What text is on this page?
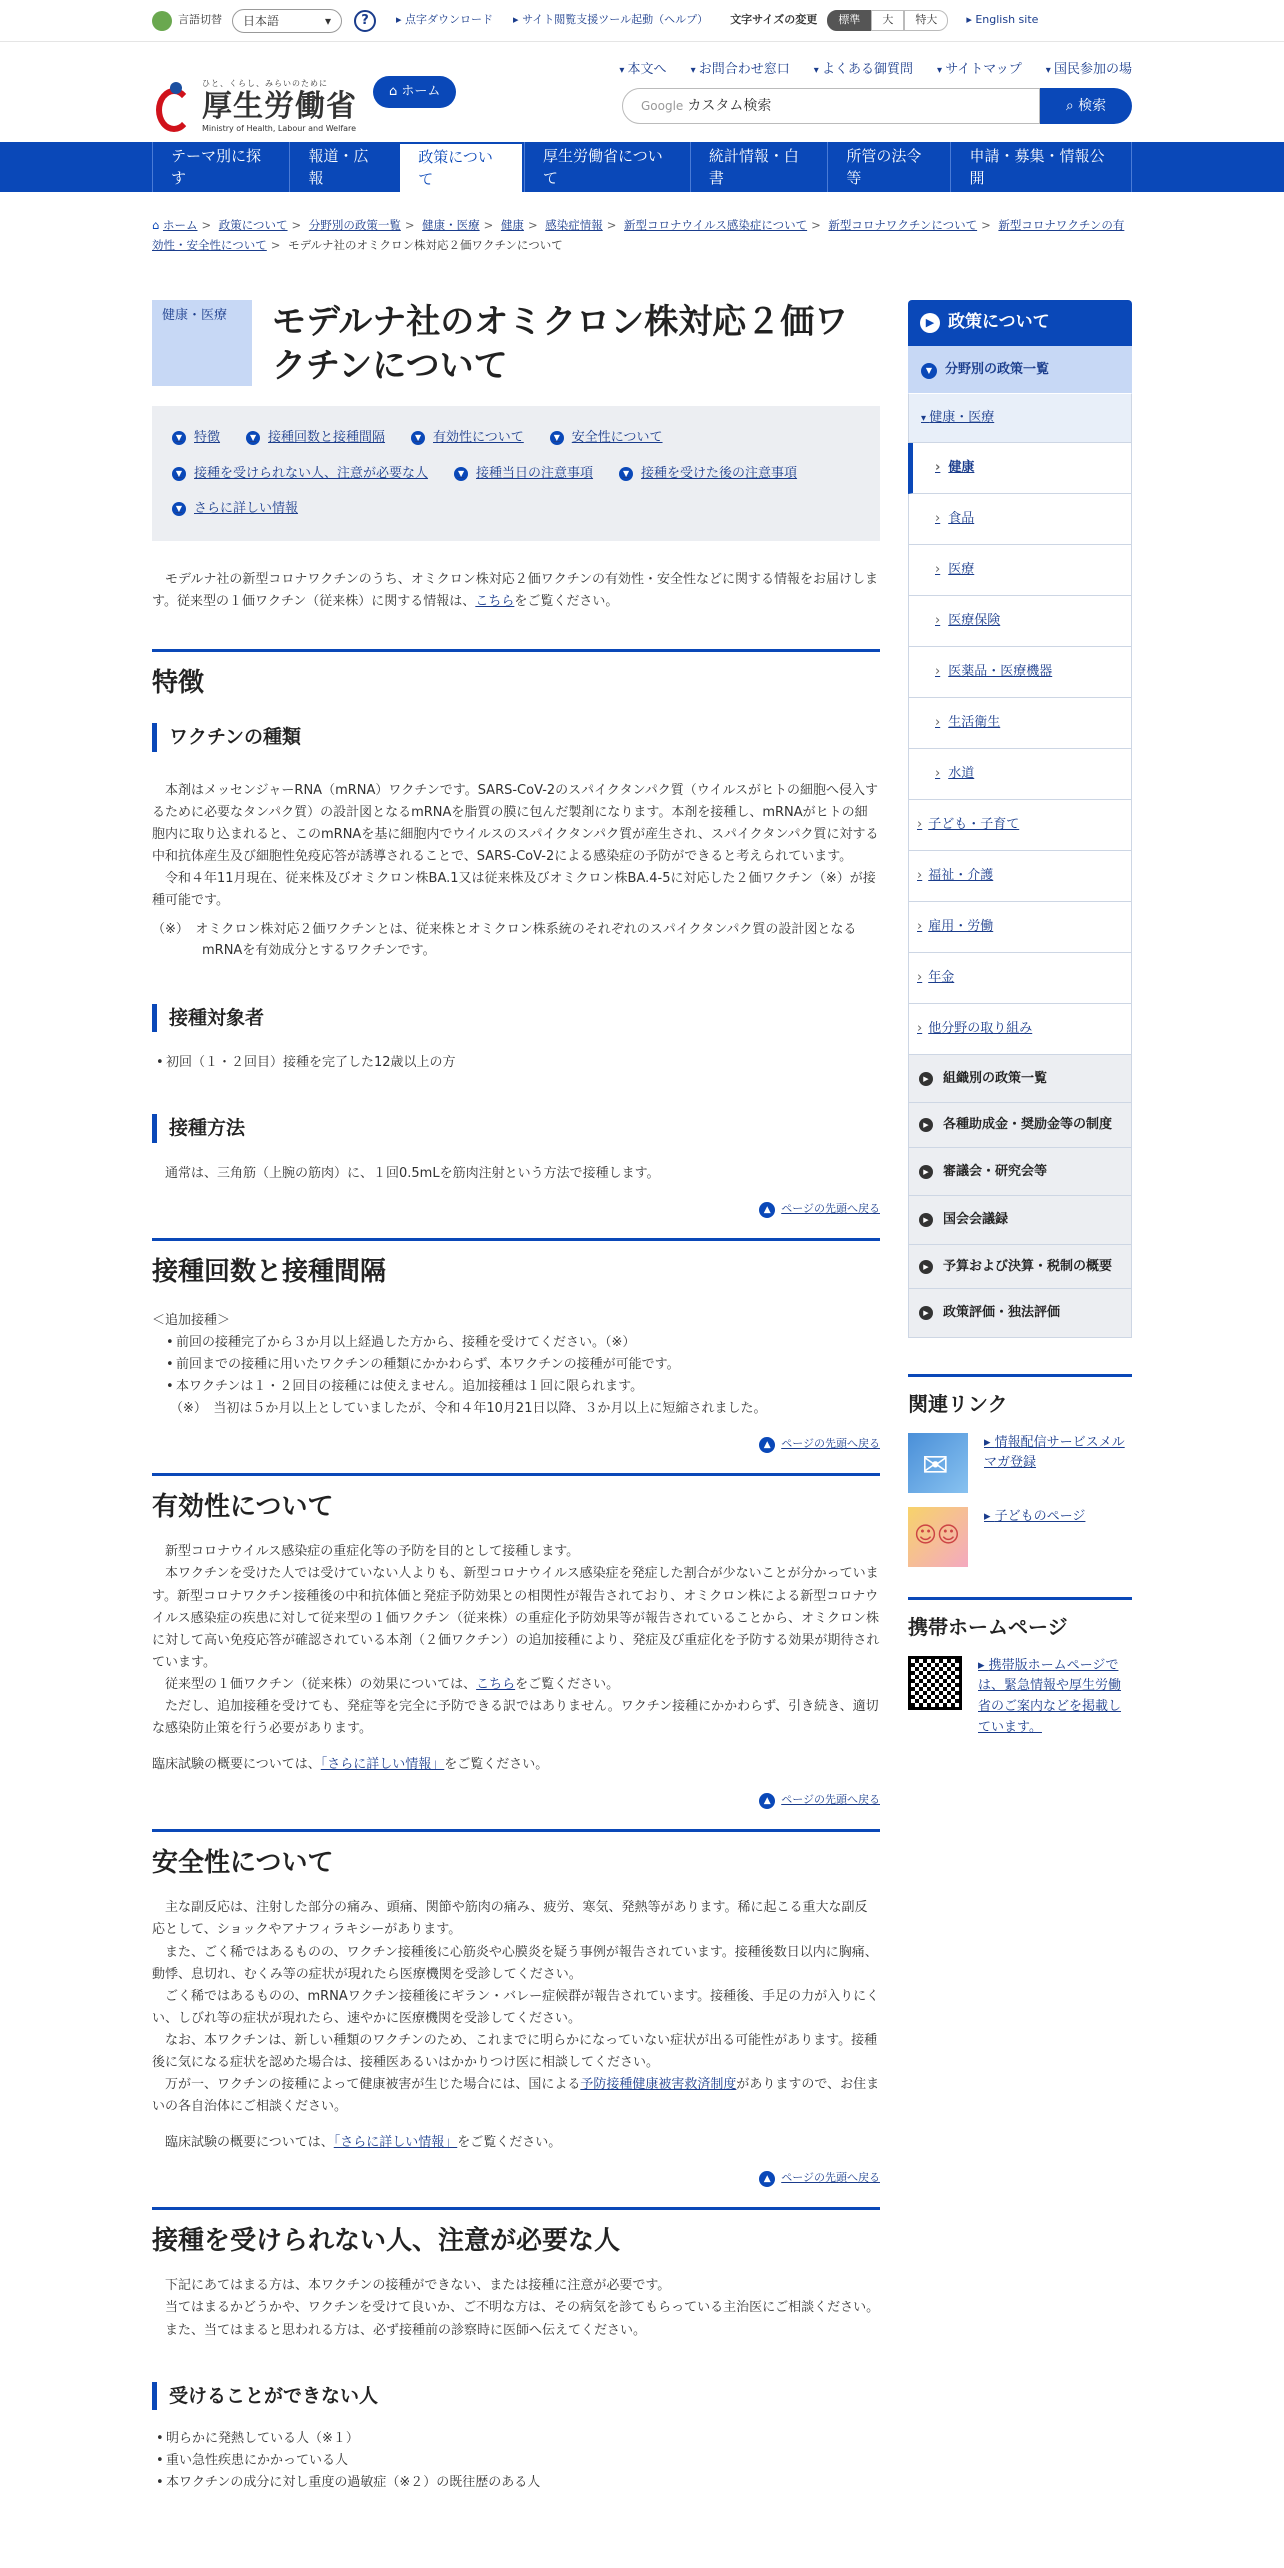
言語切替 日本語	▾	?	▸ 点字ダウンロード	▸ サイト閲覧支援ツール起動（ヘルプ） 文字サイズの変更	標準	大	特大	▸ English site
ひと、くらし、みらいのために
厚生労働省
Ministry of Health, Labour and Welfare
⌂ ホーム
▾ 本文へ	▾ お問合わせ窓口	▾ よくある御質問	▾ サイトマップ	▾ 国民参加の場
Google カスタム検索	⌕ 検索
テーマ別に探す
報道・広報
政策について
厚生労働省について
統計情報・白書
所管の法令等
申請・募集・情報公開
⌂ ホーム > 政策について > 分野別の政策一覧 > 健康・医療 > 健康 > 感染症情報 > 新型コロナウイルス感染症について > 新型コロナワクチンについて > 新型コロナワクチンの有効性・安全性について > モデルナ社のオミクロン株対応２価ワクチンについて
健康・医療	モデルナ社のオミクロン株対応２価ワクチンについて
▼ 特徴	▼ 接種回数と接種間隔	▼ 有効性について	▼ 安全性について
▼ 接種を受けられない人、注意が必要な人	▼ 接種当日の注意事項	▼ 接種を受けた後の注意事項
▼ さらに詳しい情報

モデルナ社の新型コロナワクチンのうち、オミクロン株対応２価ワクチンの有効性・安全性などに関する情報をお届けします。従来型の１価ワクチン（従来株）に関する情報は、こちらをご覧ください。

特徴
ワクチンの種類
本剤はメッセンジャーRNA（mRNA）ワクチンです。SARS-CoV-2のスパイクタンパク質（ウイルスがヒトの細胞へ侵入するために必要なタンパク質）の設計図となるmRNAを脂質の膜に包んだ製剤になります。本剤を接種し、mRNAがヒトの細胞内に取り込まれると、このmRNAを基に細胞内でウイルスのスパイクタンパク質が産生され、スパイクタンパク質に対する中和抗体産生及び細胞性免疫応答が誘導されることで、SARS-CoV-2による感染症の予防ができると考えられています。
令和４年11月現在、従来株及びオミクロン株BA.1又は従来株及びオミクロン株BA.4-5に対応した２価ワクチン（※）が接種可能です。
（※）　オミクロン株対応２価ワクチンとは、従来株とオミクロン株系統のそれぞれのスパイクタンパク質の設計図となるmRNAを有効成分とするワクチンです。
接種対象者
• 初回（１・２回目）接種を完了した12歳以上の方
接種方法

通常は、三角筋（上腕の筋肉）に、１回0.5mLを筋肉注射という方法で接種します。

▲ ページの先頭へ戻る
接種回数と接種間隔

＜追加接種＞

• 前回の接種完了から３か月以上経過した方から、接種を受けてください。（※）
• 前回までの接種に用いたワクチンの種類にかかわらず、本ワクチンの接種が可能です。
• 本ワクチンは１・２回目の接種には使えません。追加接種は１回に限られます。

（※）　当初は５か月以上としていましたが、令和４年10月21日以降、３か月以上に短縮されました。

▲ ページの先頭へ戻る
有効性について
新型コロナウイルス感染症の重症化等の予防を目的として接種します。
本ワクチンを受けた人では受けていない人よりも、新型コロナウイルス感染症を発症した割合が少ないことが分かっています。新型コロナワクチン接種後の中和抗体価と発症予防効果との相関性が報告されており、オミクロン株による新型コロナウイルス感染症の疾患に対して従来型の１価ワクチン（従来株）の重症化予防効果等が報告されていることから、オミクロン株に対して高い免疫応答が確認されている本剤（２価ワクチン）の追加接種により、発症及び重症化を予防する効果が期待されています。
従来型の１価ワクチン（従来株）の効果については、こちらをご覧ください。
ただし、追加接種を受けても、発症等を完全に予防できる訳ではありません。ワクチン接種にかかわらず、引き続き、適切な感染防止策を行う必要があります。
臨床試験の概要については、「さらに詳しい情報」をご覧ください。
▲ ページの先頭へ戻る
安全性について
主な副反応は、注射した部分の痛み、頭痛、関節や筋肉の痛み、疲労、寒気、発熱等があります。稀に起こる重大な副反応として、ショックやアナフィラキシーがあります。
また、ごく稀ではあるものの、ワクチン接種後に心筋炎や心膜炎を疑う事例が報告されています。接種後数日以内に胸痛、動悸、息切れ、むくみ等の症状が現れたら医療機関を受診してください。
ごく稀ではあるものの、mRNAワクチン接種後にギラン・バレー症候群が報告されています。接種後、手足の力が入りにくい、しびれ等の症状が現れたら、速やかに医療機関を受診してください。
なお、本ワクチンは、新しい種類のワクチンのため、これまでに明らかになっていない症状が出る可能性があります。接種後に気になる症状を認めた場合は、接種医あるいはかかりつけ医に相談してください。
万が一、ワクチンの接種によって健康被害が生じた場合には、国による予防接種健康被害救済制度がありますので、お住まいの各自治体にご相談ください。
臨床試験の概要については、「さらに詳しい情報」をご覧ください。
▲ ページの先頭へ戻る
接種を受けられない人、注意が必要な人
下記にあてはまる方は、本ワクチンの接種ができない、または接種に注意が必要です。
当てはまるかどうかや、ワクチンを受けて良いか、ご不明な方は、その病気を診てもらっている主治医にご相談ください。
また、当てはまると思われる方は、必ず接種前の診察時に医師へ伝えてください。
受けることができない人
• 明らかに発熱している人（※１）
• 重い急性疾患にかかっている人
• 本ワクチンの成分に対し重度の過敏症（※２）の既往歴のある人
▶ 政策について
▼ 分野別の政策一覧
▾ 健康・医療
› 健康
› 食品
› 医療
› 医療保険
› 医薬品・医療機器
› 生活衛生
› 水道
› 子ども・子育て
› 福祉・介護
› 雇用・労働
› 年金
› 他分野の取り組み
▶	組織別の政策一覧
▶	各種助成金・奨励金等の制度
▶	審議会・研究会等
▶	国会会議録
▶	予算および決算・税制の概要
▶	政策評価・独法評価
関連リンク
✉
▸ 情報配信サービスメルマガ登録
☺☺
▸ 子どものページ
携帯ホームページ
▸ 携帯版ホームページでは、緊急情報や厚生労働省のご案内などを掲載しています。
